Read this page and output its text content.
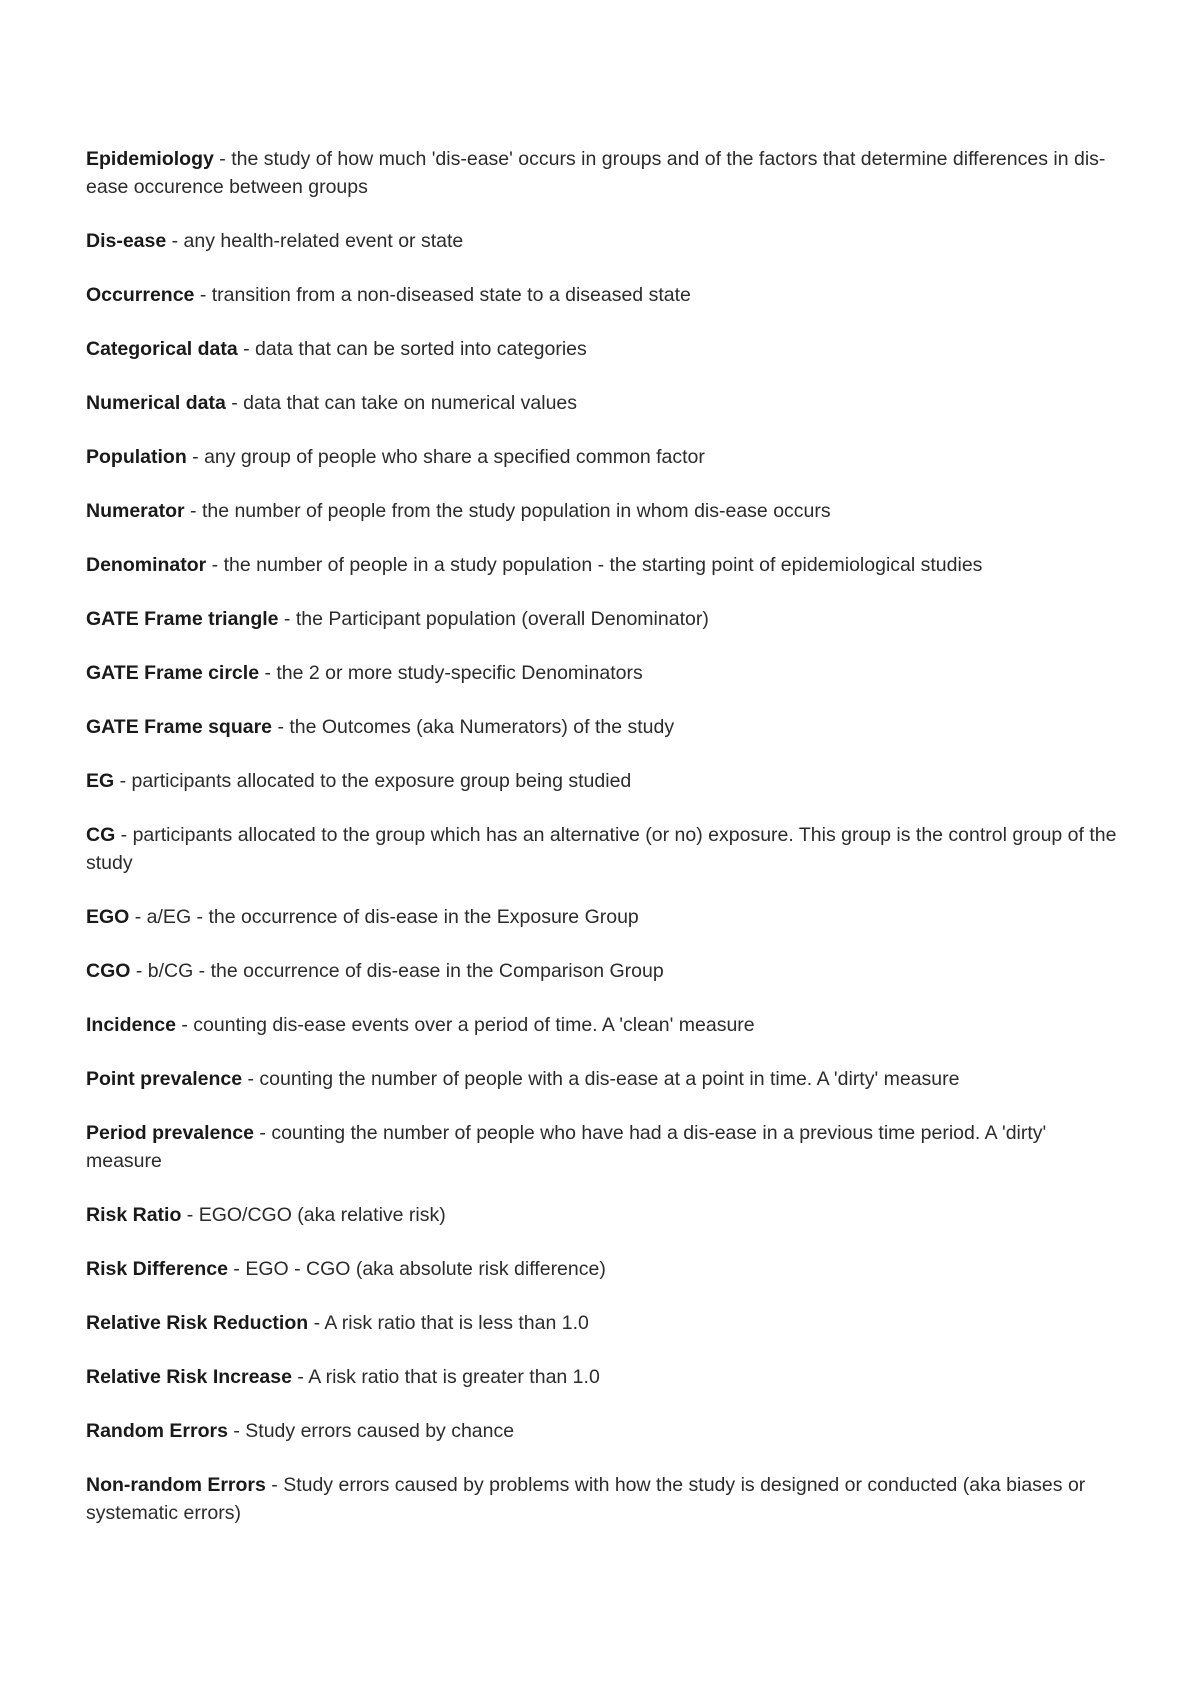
Epidemiology - the study of how much 'dis-ease' occurs in groups and of the factors that determine differences in dis-ease occurence between groups
Dis-ease - any health-related event or state
Occurrence - transition from a non-diseased state to a diseased state
Categorical data - data that can be sorted into categories
Numerical data - data that can take on numerical values
Population - any group of people who share a specified common factor
Numerator - the number of people from the study population in whom dis-ease occurs
Denominator - the number of people in a study population - the starting point of epidemiological studies
GATE Frame triangle - the Participant population (overall Denominator)
GATE Frame circle - the 2 or more study-specific Denominators
GATE Frame square - the Outcomes (aka Numerators) of the study
EG - participants allocated to the exposure group being studied
CG - participants allocated to the group which has an alternative (or no) exposure. This group is the control group of the study
EGO - a/EG - the occurrence of dis-ease in the Exposure Group
CGO - b/CG - the occurrence of dis-ease in the Comparison Group
Incidence - counting dis-ease events over a period of time. A 'clean' measure
Point prevalence - counting the number of people with a dis-ease at a point in time. A 'dirty' measure
Period prevalence - counting the number of people who have had a dis-ease in a previous time period. A 'dirty' measure
Risk Ratio - EGO/CGO (aka relative risk)
Risk Difference - EGO - CGO (aka absolute risk difference)
Relative Risk Reduction - A risk ratio that is less than 1.0
Relative Risk Increase - A risk ratio that is greater than 1.0
Random Errors - Study errors caused by chance
Non-random Errors - Study errors caused by problems with how the study is designed or conducted (aka biases or systematic errors)
